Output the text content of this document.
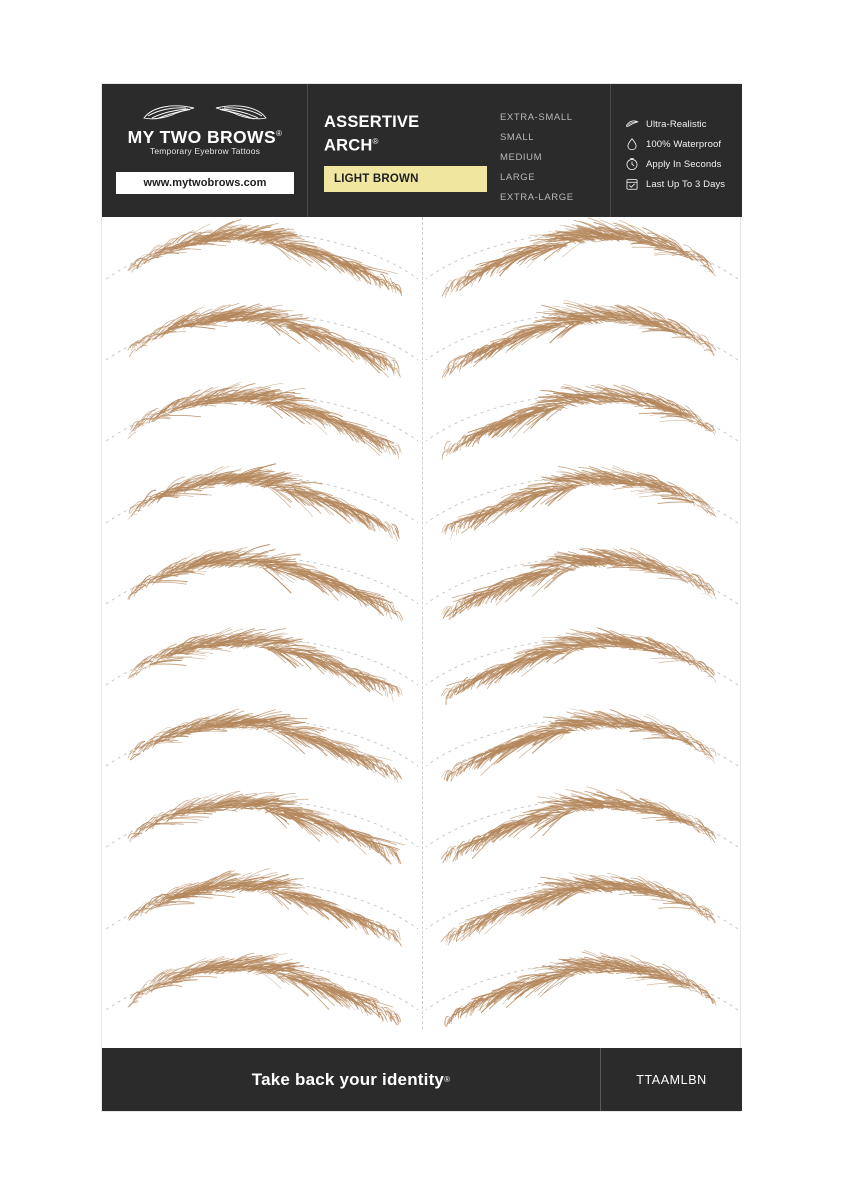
MY TWO BROWS®
Temporary Eyebrow Tattoos
www.mytwobrows.com
ASSERTIVE
ARCH®
LIGHT BROWN
EXTRA-SMALL
SMALL
MEDIUM
LARGE
EXTRA-LARGE
Ultra-Realistic
100% Waterproof
Apply In Seconds
Last Up To 3 Days
Take back your identity ®	TTAAMLBN
